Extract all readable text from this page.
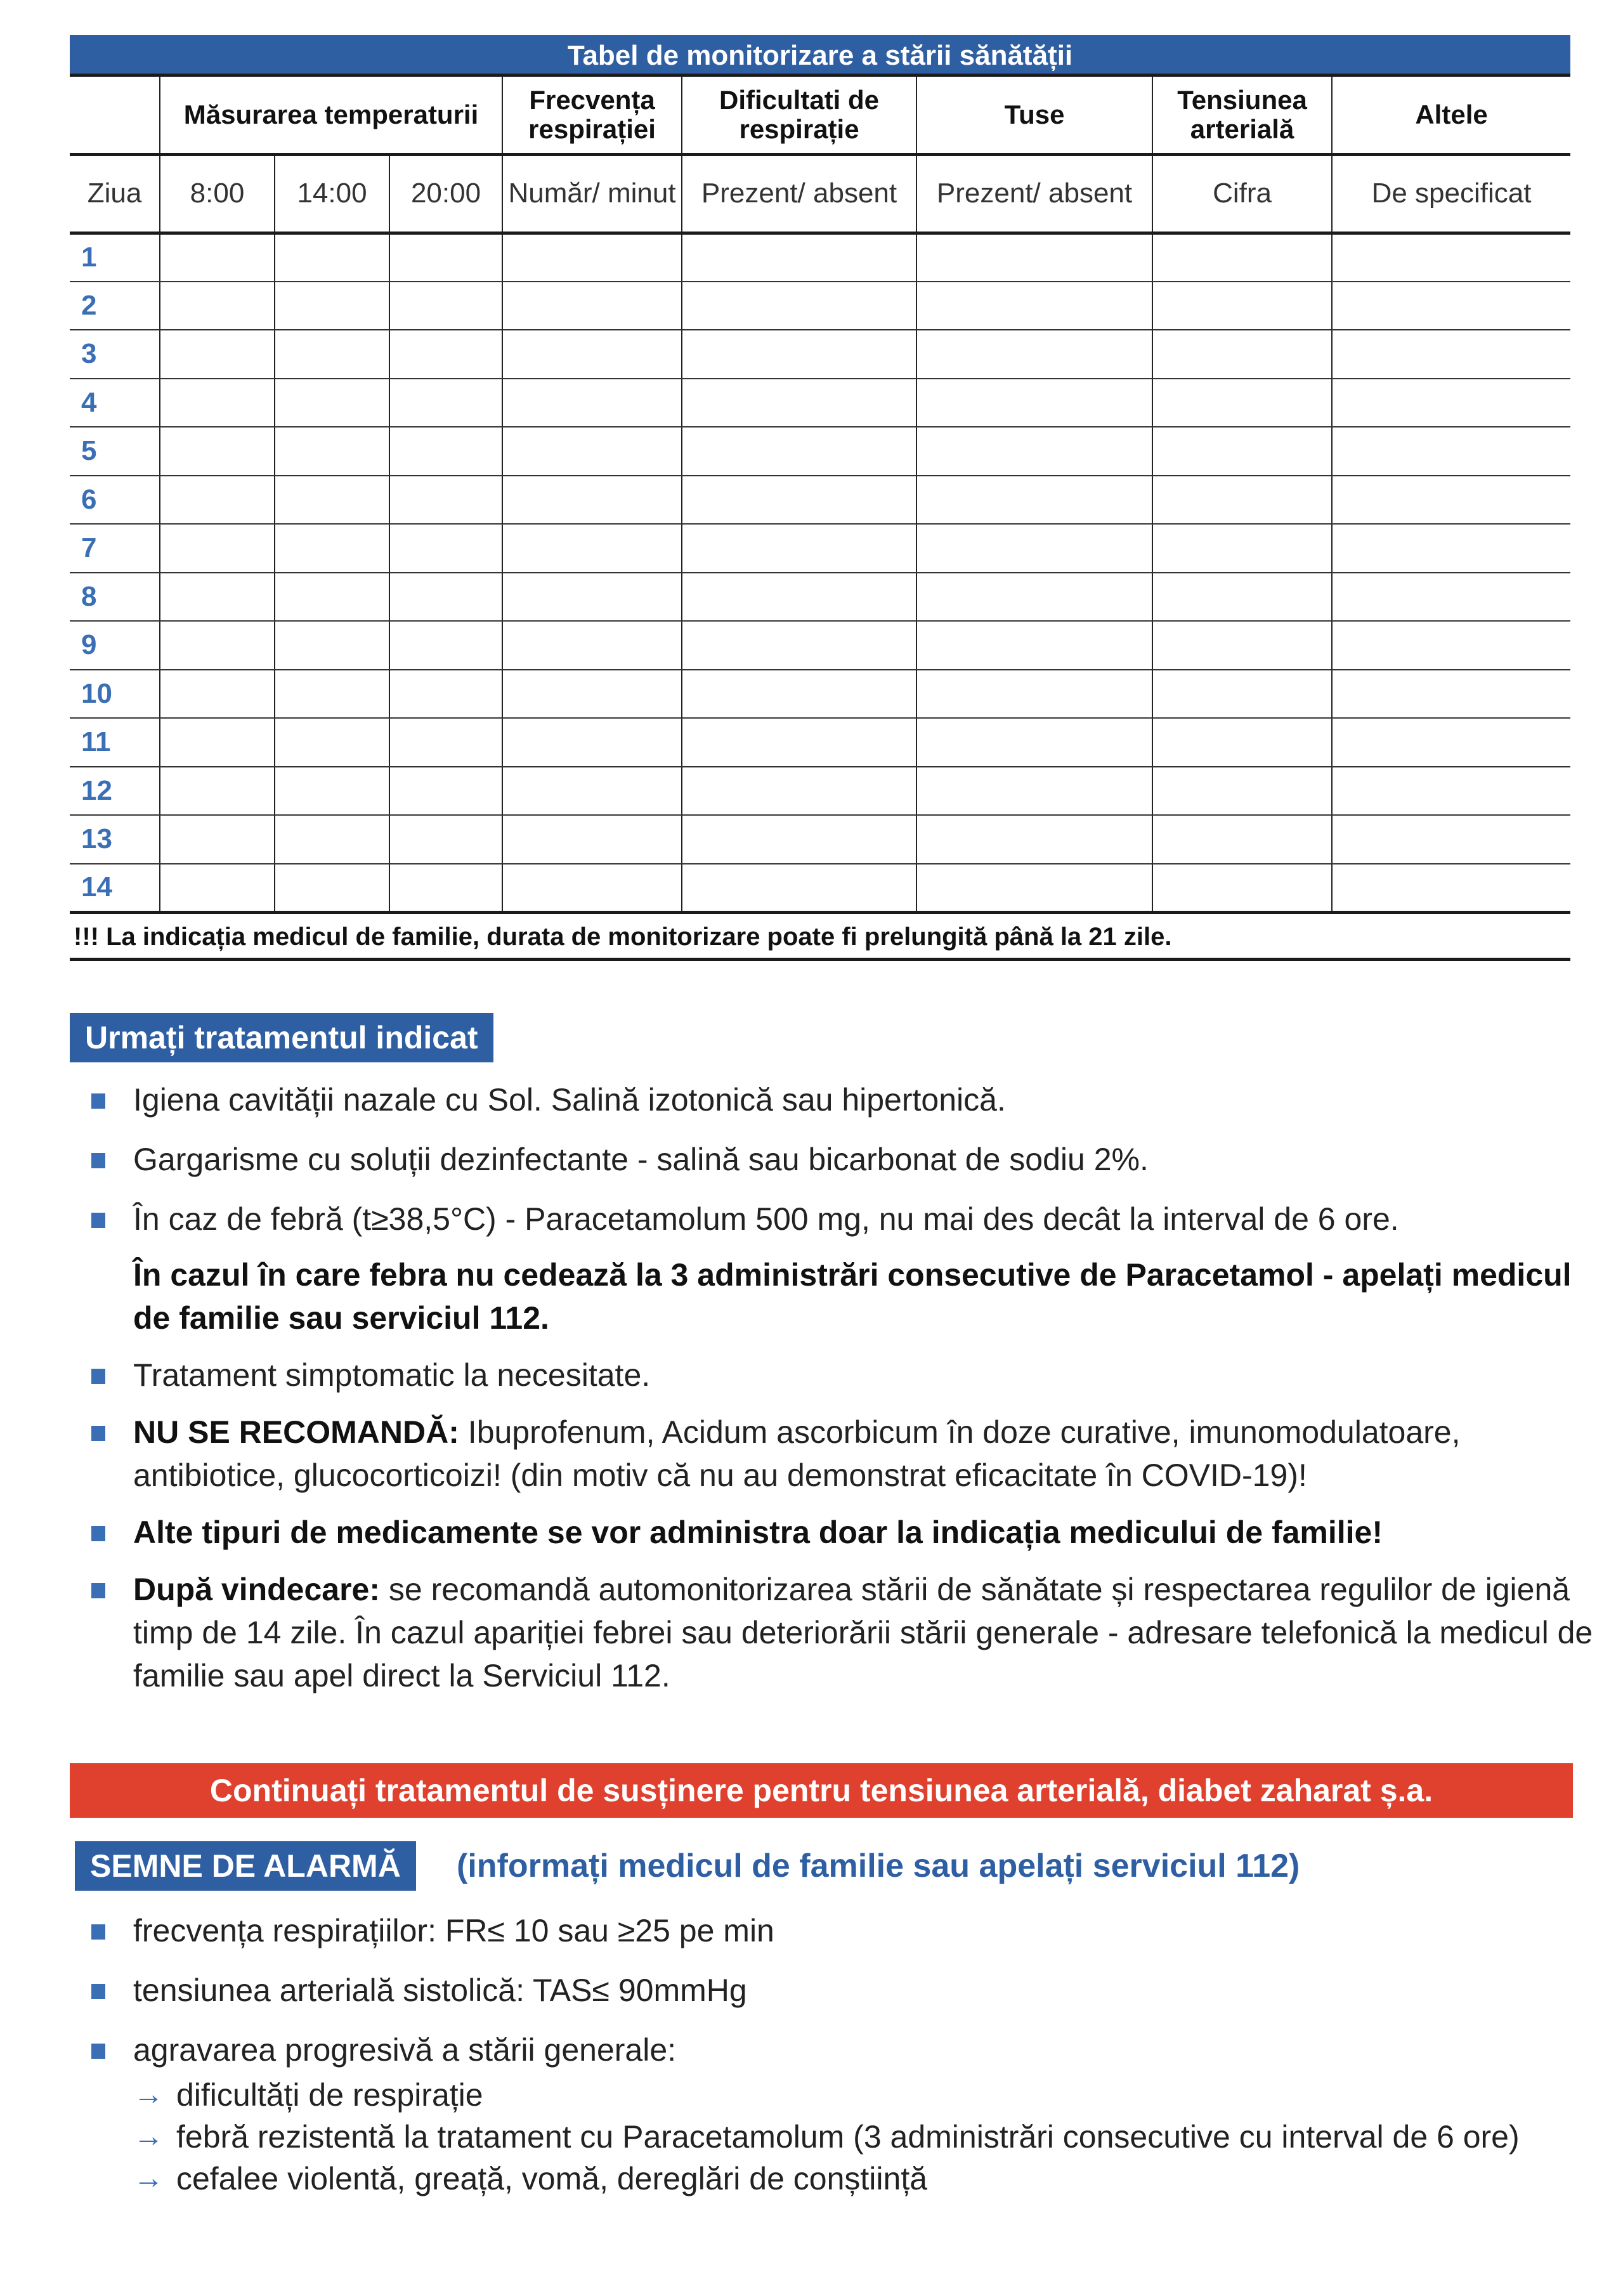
Tabel de monitorizare a stării sănătății
	Măsurarea temperaturii			Frecvența respirației	Dificultati de respirație	Tuse	Tensiunea arterială	Altele
Ziua	8:00	14:00	20:00	Număr/ minut	Prezent/ absent	Prezent/ absent	Cifra	De specificat
1								
2								
3								
4								
5								
6								
7								
8								
9								
10								
11								
12								
13								
14								
!!! La indicația medicul de familie, durata de monitorizare poate fi prelungită până la 21 zile.
Urmați tratamentul indicat
Igiena cavității nazale cu Sol. Salină izotonică sau hipertonică.
Gargarisme cu soluții dezinfectante - salină sau bicarbonat de sodiu 2%.
În caz de febră (t≥38,5°C) - Paracetamolum 500 mg, nu mai des decât la interval de 6 ore.
În cazul în care febra nu cedează la 3 administrări consecutive de Paracetamol - apelați medicul de familie sau serviciul 112.
Tratament simptomatic la necesitate.
NU SE RECOMANDĂ: Ibuprofenum, Acidum ascorbicum în doze curative, imunomodulatoare, antibiotice, glucocorticoizi! (din motiv că nu au demonstrat eficacitate în COVID-19)!
Alte tipuri de medicamente se vor administra doar la indicația medicului de familie!
După vindecare: se recomandă automonitorizarea stării de sănătate și respectarea regulilor de igienă timp de 14 zile. În cazul apariției febrei sau deteriorării stării generale - adresare telefonică la medicul de familie sau apel direct la Serviciul 112.
Continuați tratamentul de susținere pentru tensiunea arterială, diabet zaharat ș.a.
SEMNE DE ALARMĂ	(informați medicul de familie sau apelați serviciul 112)
frecvența respirațiilor: FR≤ 10 sau ≥25 pe min
tensiunea arterială sistolică: TAS≤ 90mmHg
agravarea progresivă a stării generale:
→ dificultăți de respirație
→ febră rezistentă la tratament cu Paracetamolum (3 administrări consecutive cu interval de 6 ore)
→ cefalee violentă, greață, vomă, dereglări de conștiință
